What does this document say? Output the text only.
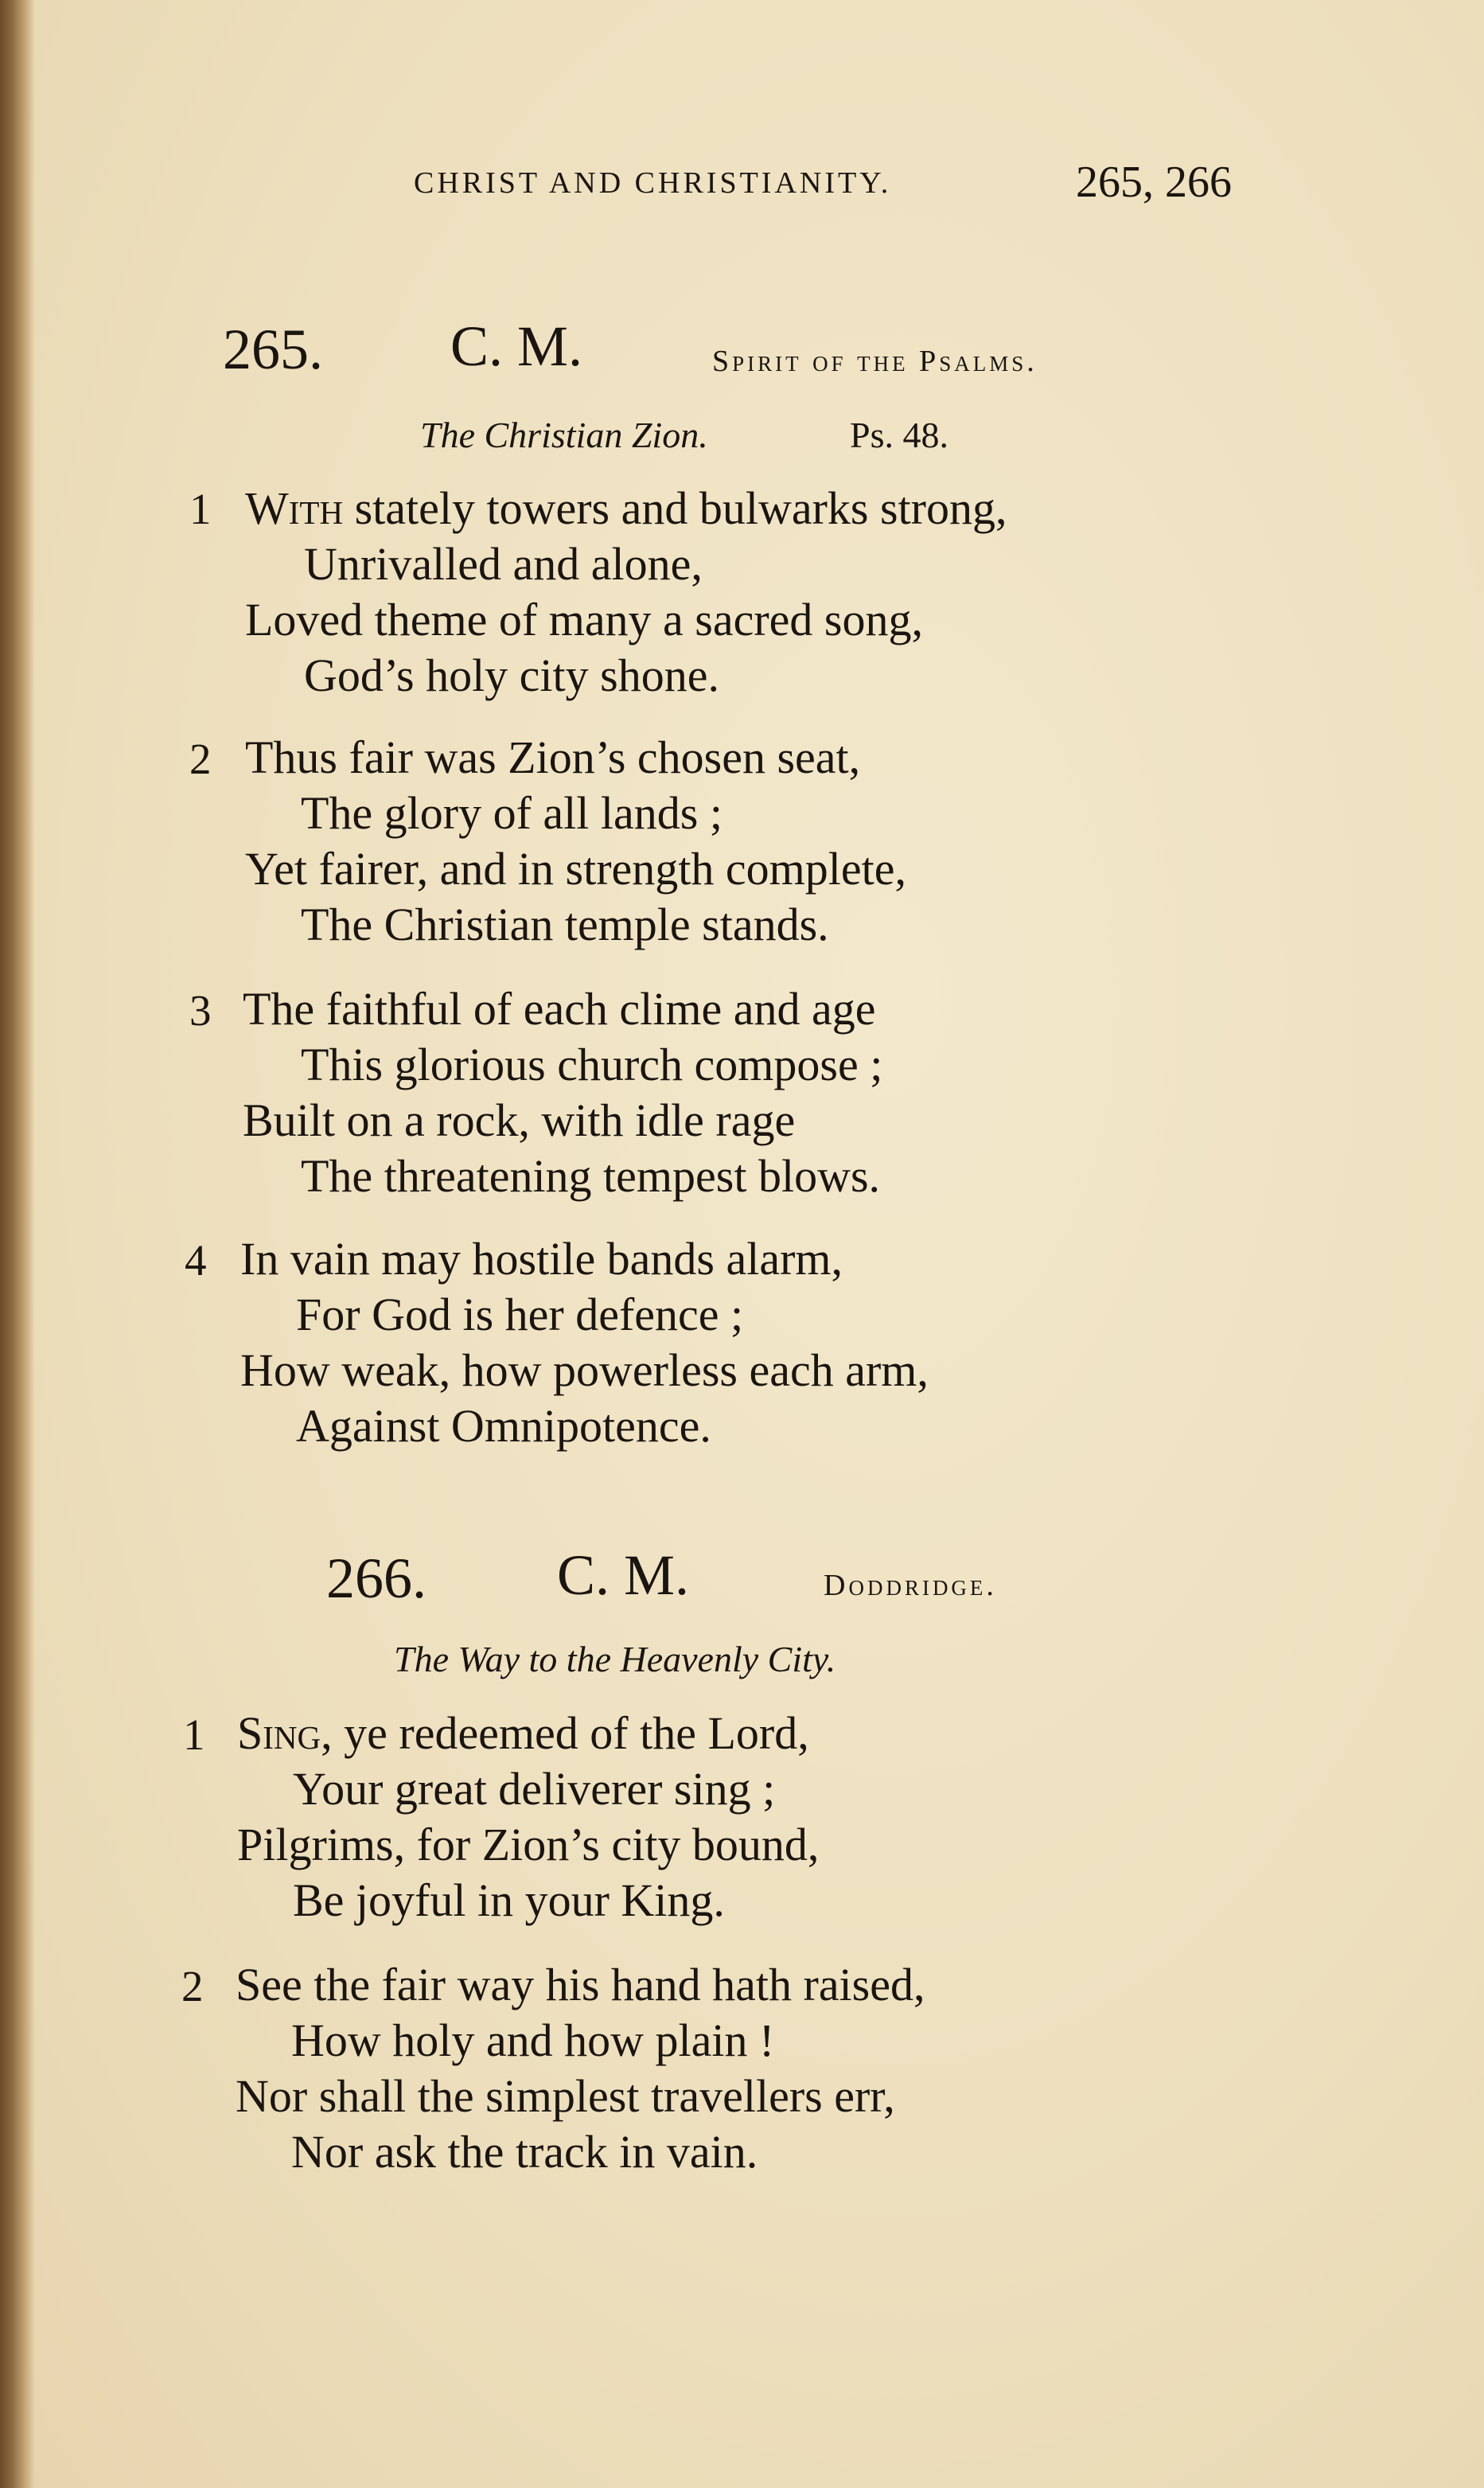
CHRIST AND CHRISTIANITY.	265, 266
265. C. M.	Spirit of the Psalms.
The Christian Zion.	Ps. 48.
1 With stately towers and bulwarks strong,
Unrivalled and alone,
Loved theme of many a sacred song,
God’s holy city shone.
2 Thus fair was Zion’s chosen seat,
The glory of all lands ;
Yet fairer, and in strength complete,
The Christian temple stands.
3 The faithful of each clime and age
This glorious church compose ;
Built on a rock, with idle rage
The threatening tempest blows.
4 In vain may hostile bands alarm,
For God is her defence ;
How weak, how powerless each arm,
Against Omnipotence.
266. C. M.	Doddridge.
The Way to the Heavenly City.
1 Sing, ye redeemed of the Lord,
Your great deliverer sing ;
Pilgrims, for Zion’s city bound,
Be joyful in your King.
2 See the fair way his hand hath raised,
How holy and how plain !
Nor shall the simplest travellers err,
Nor ask the track in vain.
